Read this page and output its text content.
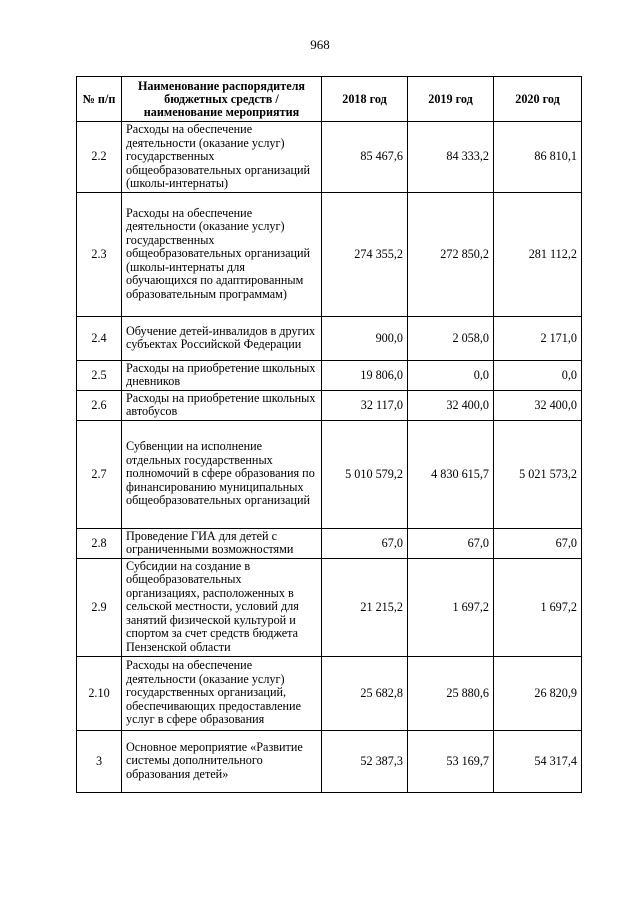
968
№ п/п	Наименование распорядителя бюджетных средств / наименование мероприятия	2018 год	2019 год	2020 год
2.2	Расходы на обеспечение деятельности (оказание услуг) государственных общеобразовательных организаций (школы-интернаты)	85 467,6	84 333,2	86 810,1
2.3	Расходы на обеспечение деятельности (оказание услуг) государственных общеобразовательных организаций (школы-интернаты для обучающихся по адаптированным образовательным программам)	274 355,2	272 850,2	281 112,2
2.4	Обучение детей-инвалидов в других субъектах Российской Федерации	900,0	2 058,0	2 171,0
2.5	Расходы на приобретение школьных дневников	19 806,0	0,0	0,0
2.6	Расходы на приобретение школьных автобусов	32 117,0	32 400,0	32 400,0
2.7	Субвенции на исполнение отдельных государственных полномочий в сфере образования по финансированию муниципальных общеобразовательных организаций	5 010 579,2	4 830 615,7	5 021 573,2
2.8	Проведение ГИА для детей с ограниченными возможностями	67,0	67,0	67,0
2.9	Субсидии на создание в общеобразовательных организациях, расположенных в сельской местности, условий для занятий физической культурой и спортом за счет средств бюджета Пензенской области	21 215,2	1 697,2	1 697,2
2.10	Расходы на обеспечение деятельности (оказание услуг) государственных организаций, обеспечивающих предоставление услуг в сфере образования	25 682,8	25 880,6	26 820,9
3	Основное мероприятие «Развитие системы дополнительного образования детей»	52 387,3	53 169,7	54 317,4
